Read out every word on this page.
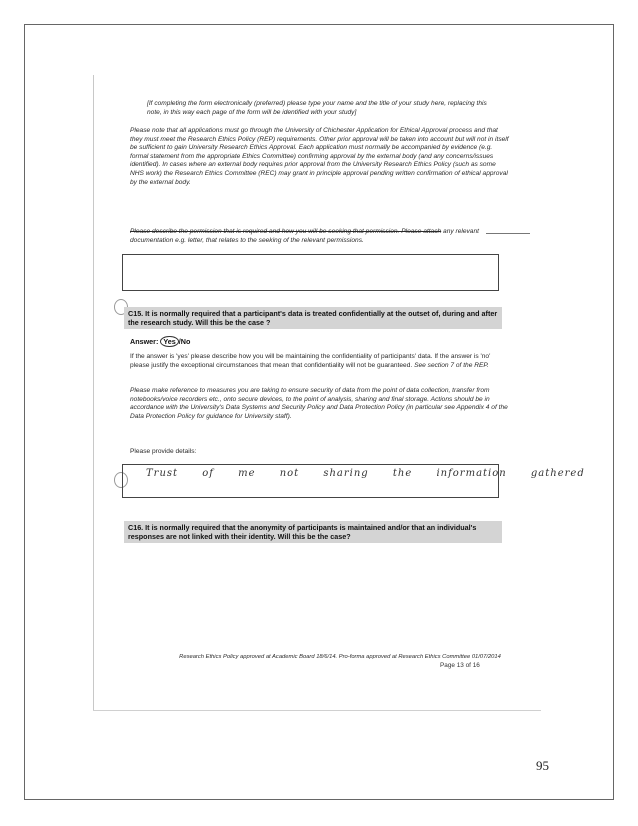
[If completing the form electronically (preferred) please type your name and the title of your study here, replacing this note, in this way each page of the form will be identified with your study]

Please note that all applications must go through the University of Chichester Application for Ethical Approval process and that they must meet the Research Ethics Policy (REP) requirements. Other prior approval will be taken into account but will not in itself be sufficient to gain University Research Ethics Approval. Each application must normally be accompanied by evidence (e.g. formal statement from the appropriate Ethics Committee) confirming approval by the external body (and any concerns/issues identified). In cases where an external body requires prior approval from the University Research Ethics Policy (such as some NHS work) the Research Ethics Committee (REC) may grant in principle approval pending written confirmation of ethical approval by the external body.

Please describe the permission that is required and how you will be seeking that permission. Please attach any relevant documentation e.g. letter, that relates to the seeking of the relevant permissions.

C15. It is normally required that a participant's data is treated confidentially at the outset of, during and after the research study. Will this be the case ?
Answer: Yes /No

If the answer is 'yes' please describe how you will be maintaining the confidentiality of participants' data. If the answer is 'no' please justify the exceptional circumstances that mean that confidentiality will not be guaranteed. See section 7 of the REP.

Please make reference to measures you are taking to ensure security of data from the point of data collection, transfer from notebooks/voice recorders etc., onto secure devices, to the point of analysis, sharing and final storage. Actions should be in accordance with the University's Data Systems and Security Policy and Data Protection Policy (in particular see Appendix 4 of the Data Protection Policy for guidance for University staff).

Please provide details:

Trust of me not sharing the information gathered
C16. It is normally required that the anonymity of participants is maintained and/or that an individual's responses are not linked with their identity. Will this be the case?

Research Ethics Policy approved at Academic Board 18/6/14. Pro-forma approved at Research Ethics Committee 01/07/2014

Page 13 of 16
95
